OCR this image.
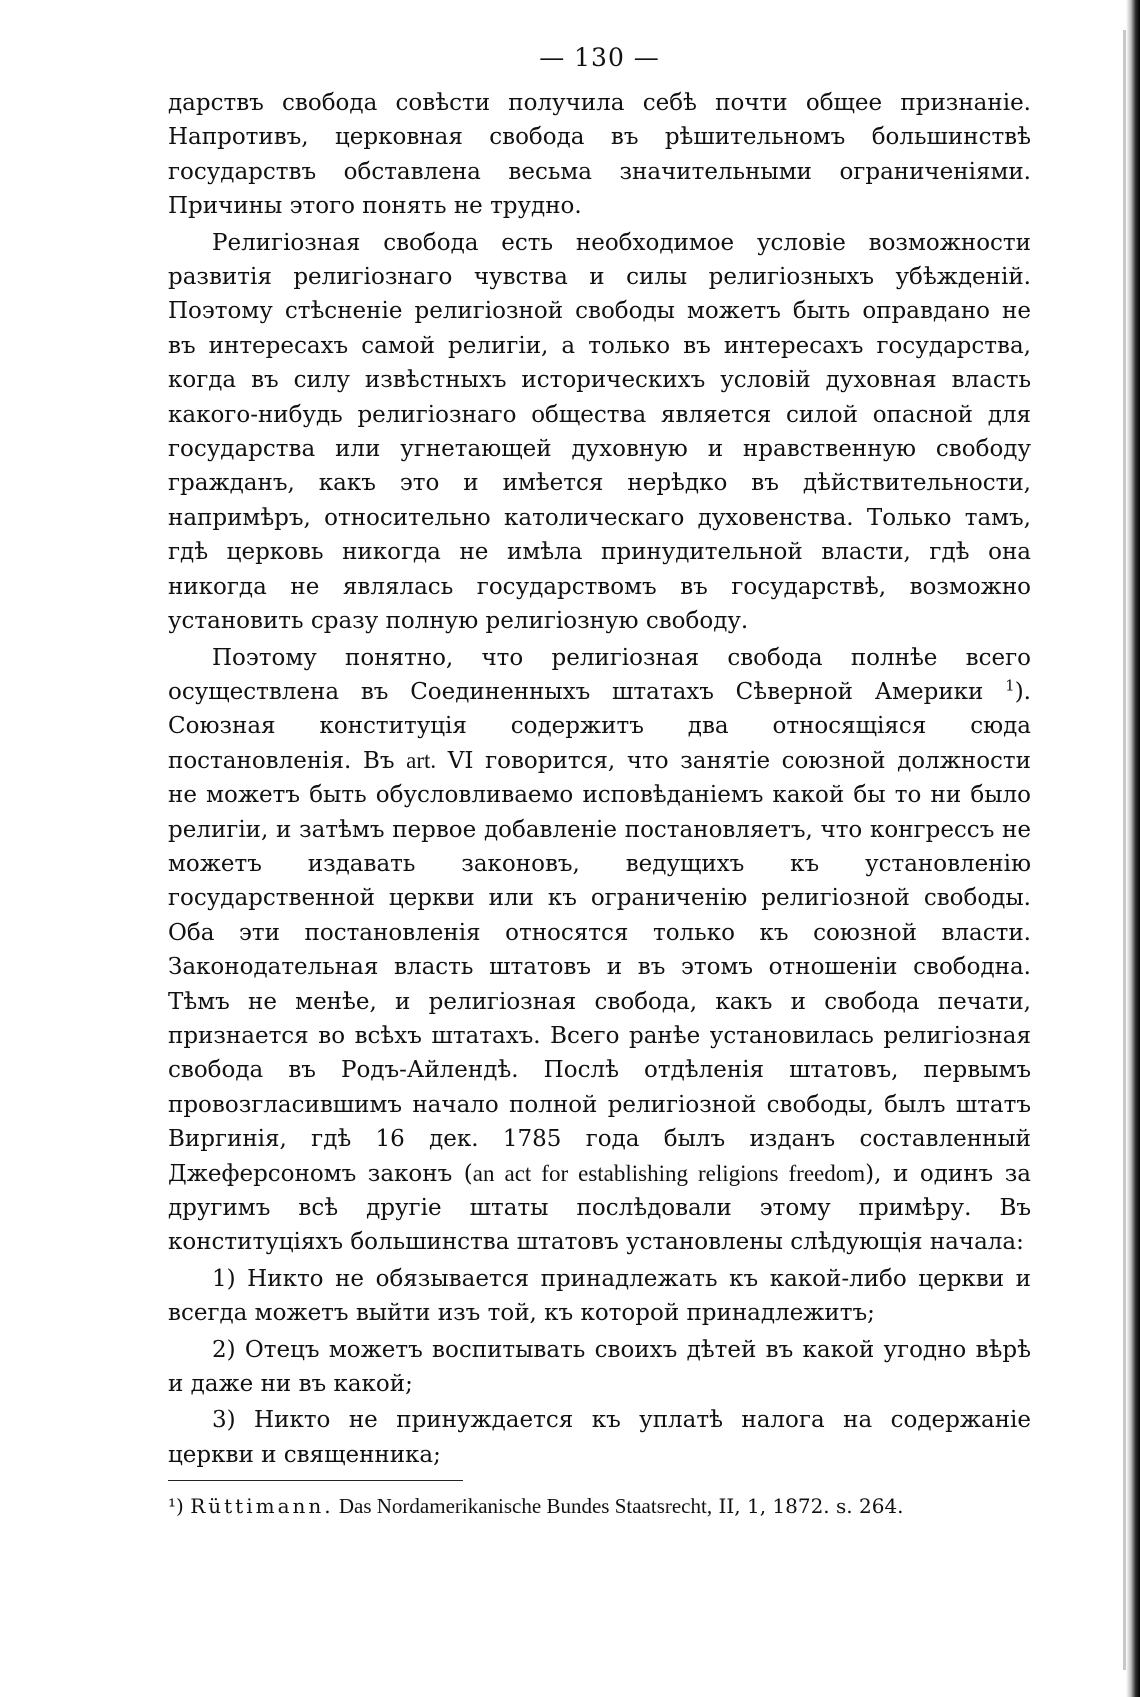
— 130 —

дарствъ свобода совѣсти получила себѣ почти общее признаніе. Напротивъ, церковная свобода въ рѣшительномъ большинствѣ государствъ обставлена весьма значительными ограниченіями. Причины этого понять не трудно.

Религіозная свобода есть необходимое условіе возможности развитія религіознаго чувства и силы религіозныхъ убѣжденій. Поэтому стѣсненіе религіозной свободы можетъ быть оправдано не въ интересахъ самой религіи, а только въ интересахъ государства, когда въ силу извѣстныхъ историческихъ условій духовная власть какого-нибудь религіознаго общества является силой опасной для государства или угнетающей духовную и нравственную свободу гражданъ, какъ это и имѣется нерѣдко въ дѣйствительности, напримѣръ, относительно католическаго духовенства. Только тамъ, гдѣ церковь никогда не имѣла принудительной власти, гдѣ она никогда не являлась государствомъ въ государствѣ, возможно установить сразу полную религіозную свободу.

Поэтому понятно, что религіозная свобода полнѣе всего осуществлена въ Соединенныхъ штатахъ Сѣверной Америки $^1$). Союзная конституція содержитъ два относящіяся сюда постановленія. Въ art. VI говорится, что занятіе союзной должности не можетъ быть обусловливаемо исповѣданіемъ какой бы то ни было религіи, и затѣмъ первое добавленіе постановляетъ, что конгрессъ не можетъ издавать законовъ, ведущихъ къ установленію государственной церкви или къ ограниченію религіозной свободы. Оба эти постановленія относятся только къ союзной власти. Законодательная власть штатовъ и въ этомъ отношеніи свободна. Тѣмъ не менѣе, и религіозная свобода, какъ и свобода печати, признается во всѣхъ штатахъ. Всего ранѣе установилась религіозная свобода въ Родъ-Айлендѣ. Послѣ отдѣленія штатовъ, первымъ провозгласившимъ начало полной религіозной свободы, былъ штатъ Виргинія, гдѣ 16 дек. 1785 года былъ изданъ составленный Джеферсономъ законъ (an act for establishing religions freedom), и одинъ за другимъ всѣ другіе штаты послѣдовали этому примѣру. Въ конституціяхъ большинства штатовъ установлены слѣдующія начала:

1) Никто не обязывается принадлежать къ какой-либо церкви и всегда можетъ выйти изъ той, къ которой принадлежитъ;

2) Отецъ можетъ воспитывать своихъ дѣтей въ какой угодно вѣрѣ и даже ни въ какой;

3) Никто не принуждается къ уплатѣ налога на содержаніе церкви и священника;

¹) Rüttimann. Das Nordamerikanische Bundes Staatsrecht, II, 1, 1872. s. 264.
